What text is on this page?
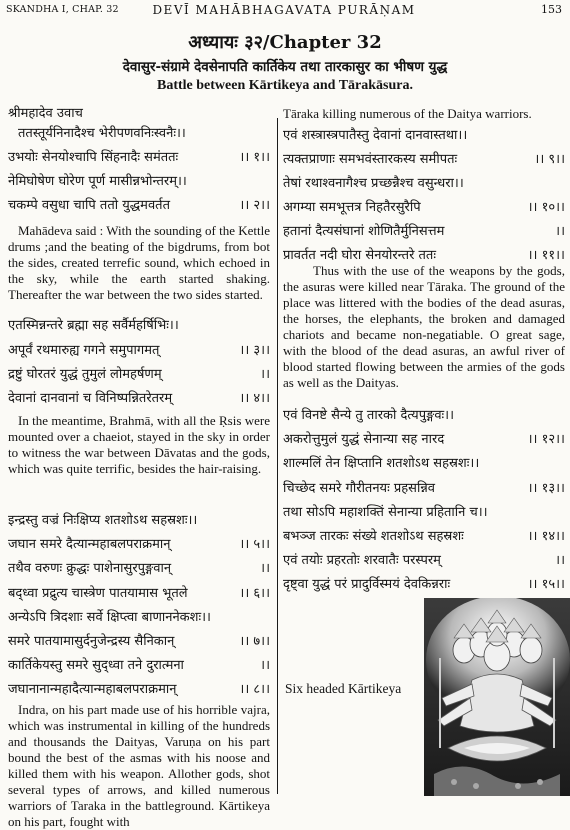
SKANDHA I, CHAP. 32	DEVĪ MAHĀBHAGAVATA PURĀṆAM	153
अध्यायः ३२/Chapter 32
देवासुर-संग्रामे देवसेनापति कार्तिकेय तथा तारकासुर का भीषण युद्ध
Battle between Kārtikeya and Tārakāsura.
श्रीमहादेव उवाच
ततस्तूर्यनिनादैश्च भेरीपणवनिःस्वनैः।।
उभयोः सेनयोश्चापि सिंहनादैः समंततः	।। १।।
नेमिघोषेण घोरेण पूर्ण मासीन्नभोन्तरम्।।
चकम्पे वसुधा चापि ततो युद्धमवर्तत	।। २।।
Mahādeva said : With the sounding of the Kettle drums ;and the beating of the bigdrums, from bot the sides, created terrefic sound, which echoed in the sky, while the earth started shaking. Thereafter the war between the two sides started.
एतस्मिन्नन्तरे ब्रह्मा सह सर्वैर्महर्षिभिः।।
अपूर्वं रथमारुह्य गगने समुपागमत्	।। ३।।
द्रष्टुं घोरतरं युद्धं तुमुलं लोमहर्षणम्	।।
देवानां दानवानां च विनिष्पन्नितरेतरम्	।। ४।।
In the meantime, Brahmā, with all the Ṛsis were mounted over a chaeiot, stayed in the sky in order to witness the war between Dāvatas and the gods, which was quite terrific, besides the hair-raising.
इन्द्रस्तु वज्रं निःक्षिप्य शतशोऽथ सहस्रशः।।
जघान समरे दैत्यान्महाबलपराक्रमान्	।। ५।।
तथैव वरुणः क्रुद्धः पाशेनासुरपुङ्गवान्	।।
बद्ध्वा प्रद्रुत्य चास्त्रेण पातयामास भूतले	।। ६।।
अन्येऽपि त्रिदशाः सर्वे क्षिप्त्वा बाणाननेकशः।।
समरे पातयामासुर्दनुजेन्द्रस्य सैनिकान्	।। ७।।
कार्तिकेयस्तु समरे सुद्ध्वा तने दुरात्मना	।।
जघानानान्महादैत्यान्महाबलपराक्रमान्	।। ८।।
Indra, on his part made use of his horrible vajra, which was instrumental in killing of the hundreds and thousands the Daityas, Varuṇa on his part bound the best of the asmas with his noose and killed them with his weapon. Allother gods, shot several types of arrows, and killed numerous warriors of Taraka in the battleground. Kārtikeya on his part, fought with
Tāraka killing numerous of the Daitya warriors.
एवं शस्त्रास्त्रपातैस्तु देवानां दानवास्तथा।।
त्यक्तप्राणाः समभवंस्तारकस्य समीपतः	।। ९।।
तेषां रथाश्वनागैश्च प्रच्छन्नैश्च वसुन्धरा।।
अगम्या समभूत्तत्र निहतैरसुरैपि	।। १०।।
हतानां दैत्यसंघानां शोणितैर्मुनिसत्तम	।।
प्रावर्तत नदी घोरा सेनयोरन्तरे ततः	।। ११।।
Thus with the use of the weapons by the gods, the asuras were killed near Tāraka. The ground of the place was littered with the bodies of the dead asuras, the horses, the elephants, the broken and damaged chariots and became non-negatiable. O great sage, with the blood of the dead asuras, an awful river of blood started flowing between the armies of the gods as well as the Daityas.
एवं विनष्टे सैन्ये तु तारको दैत्यपुङ्गवः।।
अकरोत्तुमुलं युद्धं सेनान्या सह नारद	।। १२।।
शाल्मलिं तेन क्षिप्तानि शतशोऽथ सहस्रशः।।
चिच्छेद समरे गौरीतनयः प्रहसन्निव	।। १३।।
तथा सोऽपि महाशक्तिं सेनान्या प्रहितानि च।।
बभञ्ज तारकः संख्ये शतशोऽथ सहस्रशः	।। १४।।
एवं तयोः प्रहरतोः शरवातैः परस्परम्	।।
दृष्ट्वा युद्धं परं प्रादुर्विस्मयं देवकिन्नराः	।। १५।।
Six headed Kārtikeya
